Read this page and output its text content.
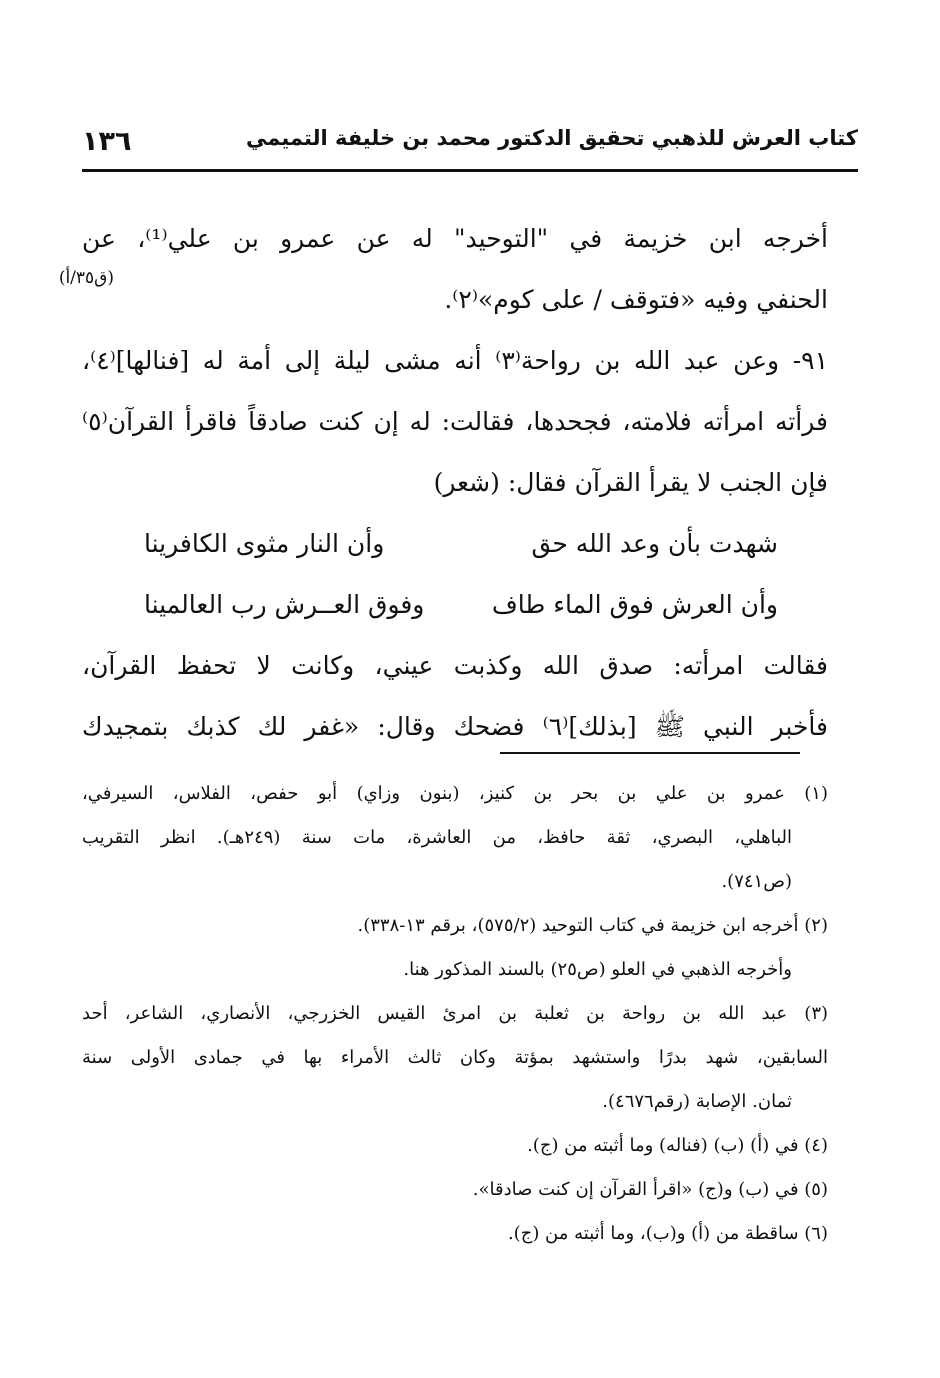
١٣٦	كتاب العرش للذهبي تحقيق الدكتور محمد بن خليفة التميمي
(ق٣٥/أ)
أخرجه ابن خزيمة في "التوحيد" له عن عمرو بن علي⁽¹⁾، عن
الحنفي وفيه «فتوقف / على كوم»⁽٢⁾.
٩١- وعن عبد الله بن رواحة⁽٣⁾ أنه مشى ليلة إلى أمة له [فنالها]⁽٤⁾،
فرأته امرأته فلامته، فجحدها، فقالت: له إن كنت صادقاً فاقرأ القرآن⁽٥⁾
فإن الجنب لا يقرأ القرآن فقال: (شعر)
شهدت بأن وعد الله حق
وأن النار مثوى الكافرينا
وأن العرش فوق الماء طاف
وفوق العــرش رب العالمينا
فقالت امرأته: صدق الله وكذبت عيني، وكانت لا تحفظ القرآن،
فأخبر النبي ﷺ [بذلك]⁽٦⁾ فضحك وقال: «غفر لك كذبك بتمجيدك
(١) عمرو بن علي بن بحر بن كنيز، (بنون وزاي) أبو حفص، الفلاس، السيرفي،
الباهلي، البصري، ثقة حافظ، من العاشرة، مات سنة (٢٤٩هـ). انظر التقريب
(ص٧٤١).
(٢) أخرجه ابن خزيمة في كتاب التوحيد (٥٧٥/٢)، برقم ١٣-٣٣٨).
وأخرجه الذهبي في العلو (ص٢٥) بالسند المذكور هنا.
(٣) عبد الله بن رواحة بن ثعلبة بن امرئ القيس الخزرجي، الأنصاري، الشاعر، أحد
السابقين، شهد بدرًا واستشهد بمؤتة وكان ثالث الأمراء بها في جمادى الأولى سنة
ثمان. الإصابة (رقم٤٦٧٦).
(٤) في (أ) (ب) (فناله) وما أثبته من (ج).
(٥) في (ب) و(ج) «اقرأ القرآن إن كنت صادقا».
(٦) ساقطة من (أ) و(ب)، وما أثبته من (ج).
